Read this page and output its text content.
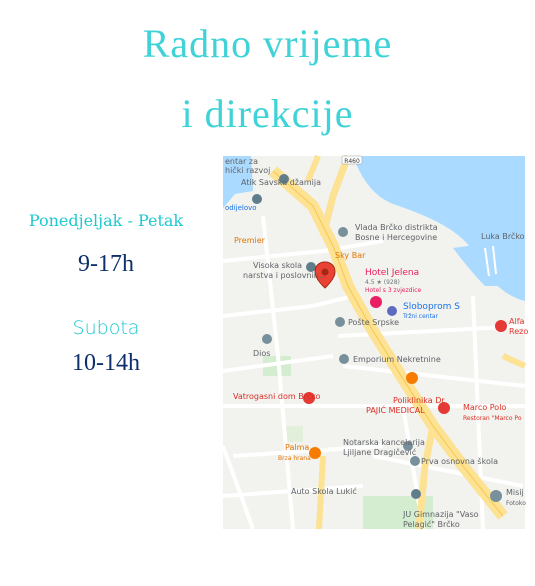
Radno vrijeme
i direkcije
Ponedjeljak - Petak
9-17h
Subota
10-14h
R460
entar za
hički razvoj
Atik Savska džamija
odijelovo
Vlada Brčko distrikta
Bosne i Hercegovine	Luka Brčko
Premier
Sky Bar
Visoka skola
narstva i poslovnih...	Hotel Jelena
4.5 ★ (928)
Hotel s 3 zvjezdice
Sloboprom S
Tržni centar
Pošte Srpske	Alfa
Rezo
Dios
Emporium Nekretnine
Vatrogasni dom Brčko	Poliklinika Dr
PAJIĆ MEDICAL	Marco Polo
Restoran "Marco Po
Notarska kancelarija
Ljiljane Dragičević
Palma
Brza hrana	Prva osnovna škola
Auto Skola Lukić	Misij
Fotoko
JU Gimnazija "Vaso
Pelagić" Brčko
